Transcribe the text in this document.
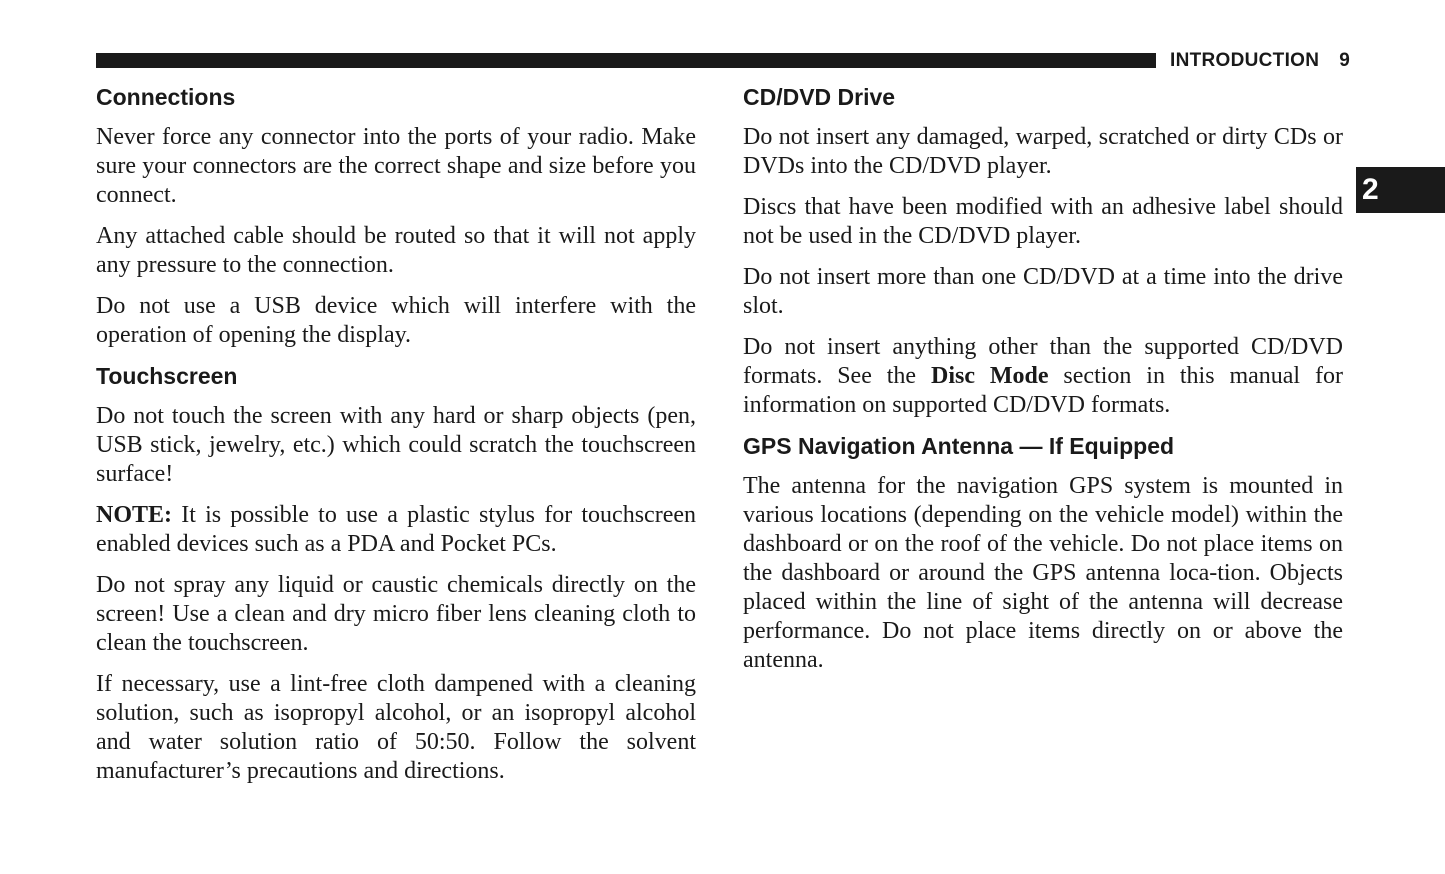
INTRODUCTION 9
2
Connections

Never force any connector into the ports of your radio. Make sure your connectors are the correct shape and size before you connect.

Any attached cable should be routed so that it will not apply any pressure to the connection.

Do not use a USB device which will interfere with the operation of opening the display.

Touchscreen

Do not touch the screen with any hard or sharp objects (pen, USB stick, jewelry, etc.) which could scratch the touchscreen surface!

NOTE: It is possible to use a plastic stylus for touchscreen enabled devices such as a PDA and Pocket PCs.

Do not spray any liquid or caustic chemicals directly on the screen! Use a clean and dry micro fiber lens cleaning cloth to clean the touchscreen.

If necessary, use a lint-free cloth dampened with a cleaning solution, such as isopropyl alcohol, or an isopropyl alcohol and water solution ratio of 50:50. Follow the solvent manufacturer’s precautions and directions.

CD/DVD Drive

Do not insert any damaged, warped, scratched or dirty CDs or DVDs into the CD/DVD player.

Discs that have been modified with an adhesive label should not be used in the CD/DVD player.

Do not insert more than one CD/DVD at a time into the drive slot.

Do not insert anything other than the supported CD/DVD formats. See the Disc Mode section in this manual for information on supported CD/DVD formats.

GPS Navigation Antenna — If Equipped

The antenna for the navigation GPS system is mounted in various locations (depending on the vehicle model) within the dashboard or on the roof of the vehicle. Do not place items on the dashboard or around the GPS antenna loca-tion. Objects placed within the line of sight of the antenna will decrease performance. Do not place items directly on or above the antenna.
